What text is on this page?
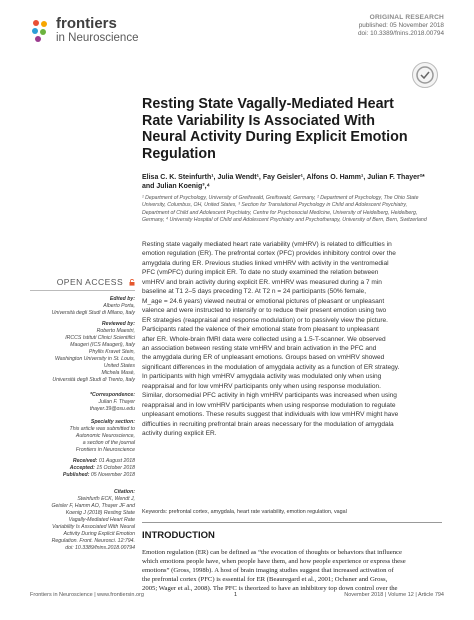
frontiers
in Neuroscience
ORIGINAL RESEARCH
published: 05 November 2018
doi: 10.3389/fnins.2018.00794
Resting State Vagally-Mediated Heart Rate Variability Is Associated With Neural Activity During Explicit Emotion Regulation
Elisa C. K. Steinfurth¹, Julia Wendt¹, Fay Geisler¹, Alfons O. Hamm¹, Julian F. Thayer²*
and Julian Koenig³,⁴
¹ Department of Psychology, University of Greifswald, Greifswald, Germany, ² Department of Psychology, The Ohio State
University, Columbus, OH, United States, ³ Section for Translational Psychology in Child and Adolescent Psychiatry,
Department of Child and Adolescent Psychiatry, Centre for Psychosocial Medicine, University of Heidelberg, Heidelberg,
Germany, ⁴ University Hospital of Child and Adolescent Psychiatry and Psychotherapy, University of Bern, Bern, Switzerland
Resting state vagally mediated heart rate variability (vmHRV) is related to difficulties in
emotion regulation (ER). The prefrontal cortex (PFC) provides inhibitory control over the
amygdala during ER. Previous studies linked vmHRV with activity in the ventromedial
PFC (vmPFC) during implicit ER. To date no study examined the relation between
vmHRV and brain activity during explicit ER. vmHRV was measured during a 7 min
baseline at T1 2–5 days preceding T2. At T2 n = 24 participants (50% female,
M_age = 24.6 years) viewed neutral or emotional pictures of pleasant or unpleasant
valence and were instructed to intensify or to reduce their present emotion using two
ER strategies (reappraisal and response modulation) or to passively view the picture.
Participants rated the valence of their emotional state from pleasant to unpleasant
after ER. Whole-brain fMRI data were collected using a 1.5-T-scanner. We observed
an association between resting state vmHRV and brain activation in the PFC and
the amygdala during ER of unpleasant emotions. Groups based on vmHRV showed
significant differences in the modulation of amygdala activity as a function of ER strategy.
In participants with high vmHRV amygdala activity was modulated only when using
reappraisal and for low vmHRV participants only when using response modulation.
Similar, dorsomedial PFC activity in high vmHRV participants was increased when using
reappraisal and in low vmHRV participants when using response modulation to regulate
unpleasant emotions. These results suggest that individuals with low vmHRV might have
difficulties in recruiting prefrontal brain areas necessary for the modulation of amygdala
activity during explicit ER.
Keywords: prefrontal cortex, amygdala, heart rate variability, emotion regulation, vagal
INTRODUCTION
Emotion regulation (ER) can be defined as “the evocation of thoughts or behaviors that influence
which emotions people have, when people have them, and how people experience or express these
emotions” (Gross, 1998b). A host of brain imaging studies suggest that increased activation of
the prefrontal cortex (PFC) is essential for ER (Beauregard et al., 2001; Ochsner and Gross,
2005; Wager et al., 2008). The PFC is theorized to have an inhibitory top down control over the
OPEN ACCESS
Edited by:
Alberto Porta,
Università degli Studi di Milano, Italy
Reviewed by:
Roberto Maestri,
IRCCS Istituti Clinici Scientifici
Maugeri (ICS Maugeri), Italy
Phyllis Kravet Stein,
Washington University in St. Louis,
United States
Michela Masè,
Università degli Studi di Trento, Italy
*Correspondence:
Julian F. Thayer
thayer.39@osu.edu
Specialty section:
This article was submitted to
Autonomic Neuroscience,
a section of the journal
Frontiers in Neuroscience
Received: 01 August 2018
Accepted: 15 October 2018
Published: 05 November 2018
Citation:
Steinfurth ECK, Wendt J,
Geisler F, Hamm AO, Thayer JF and
Koenig J (2018) Resting State
Vagally-Mediated Heart Rate
Variability Is Associated With Neural
Activity During Explicit Emotion
Regulation. Front. Neurosci. 12:794.
doi: 10.3389/fnins.2018.00794
Frontiers in Neuroscience | www.frontiersin.org	1	November 2018 | Volume 12 | Article 794
